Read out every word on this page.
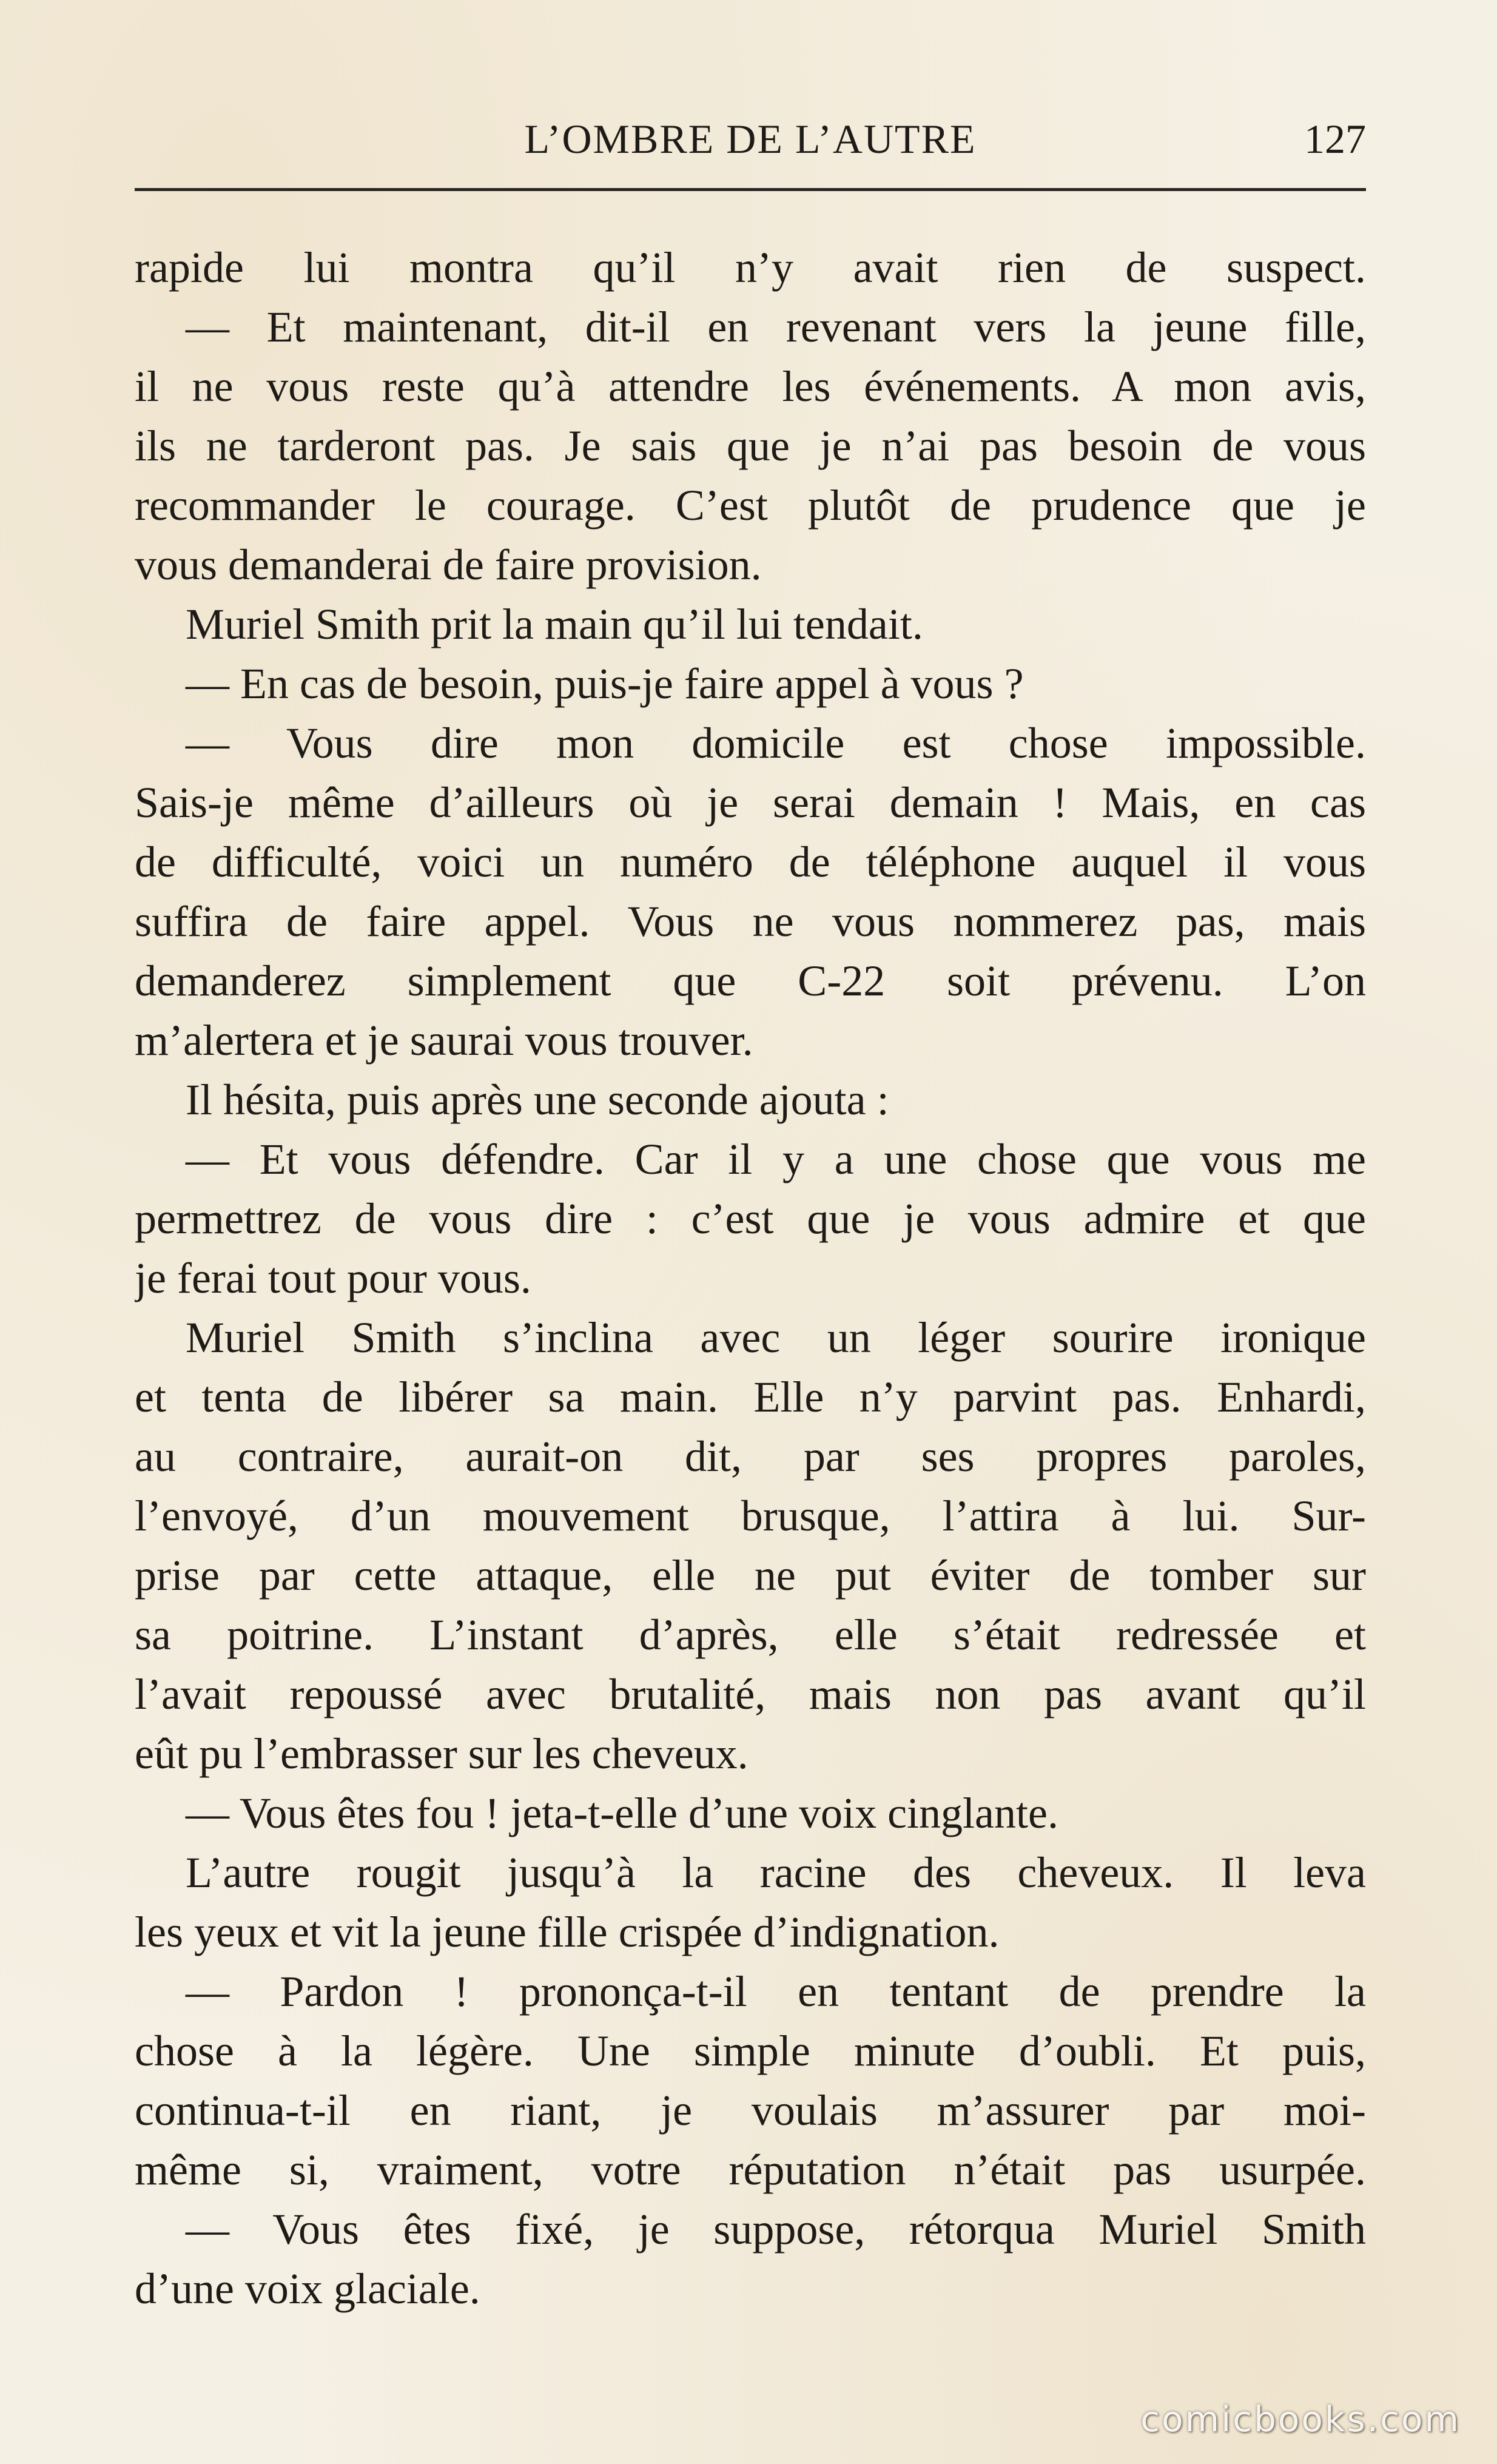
L’OMBRE DE L’AUTRE	127
rapide lui montra qu’il n’y avait rien de suspect.
— Et maintenant, dit-il en revenant vers la jeune fille,
il ne vous reste qu’à attendre les événements. A mon avis,
ils ne tarderont pas. Je sais que je n’ai pas besoin de vous
recommander le courage. C’est plutôt de prudence que je
vous demanderai de faire provision.
Muriel Smith prit la main qu’il lui tendait.
— En cas de besoin, puis-je faire appel à vous ?
— Vous dire mon domicile est chose impossible.
Sais-je même d’ailleurs où je serai demain ! Mais, en cas
de difficulté, voici un numéro de téléphone auquel il vous
suffira de faire appel. Vous ne vous nommerez pas, mais
demanderez simplement que C-22 soit prévenu. L’on
m’alertera et je saurai vous trouver.
Il hésita, puis après une seconde ajouta :
— Et vous défendre. Car il y a une chose que vous me
permettrez de vous dire : c’est que je vous admire et que
je ferai tout pour vous.
Muriel Smith s’inclina avec un léger sourire ironique
et tenta de libérer sa main. Elle n’y parvint pas. Enhardi,
au contraire, aurait-on dit, par ses propres paroles,
l’envoyé, d’un mouvement brusque, l’attira à lui. Sur-
prise par cette attaque, elle ne put éviter de tomber sur
sa poitrine. L’instant d’après, elle s’était redressée et
l’avait repoussé avec brutalité, mais non pas avant qu’il
eût pu l’embrasser sur les cheveux.
— Vous êtes fou ! jeta-t-elle d’une voix cinglante.
L’autre rougit jusqu’à la racine des cheveux. Il leva
les yeux et vit la jeune fille crispée d’indignation.
— Pardon ! prononça-t-il en tentant de prendre la
chose à la légère. Une simple minute d’oubli. Et puis,
continua-t-il en riant, je voulais m’assurer par moi-
même si, vraiment, votre réputation n’était pas usurpée.
— Vous êtes fixé, je suppose, rétorqua Muriel Smith
d’une voix glaciale.
comicbooks.com
